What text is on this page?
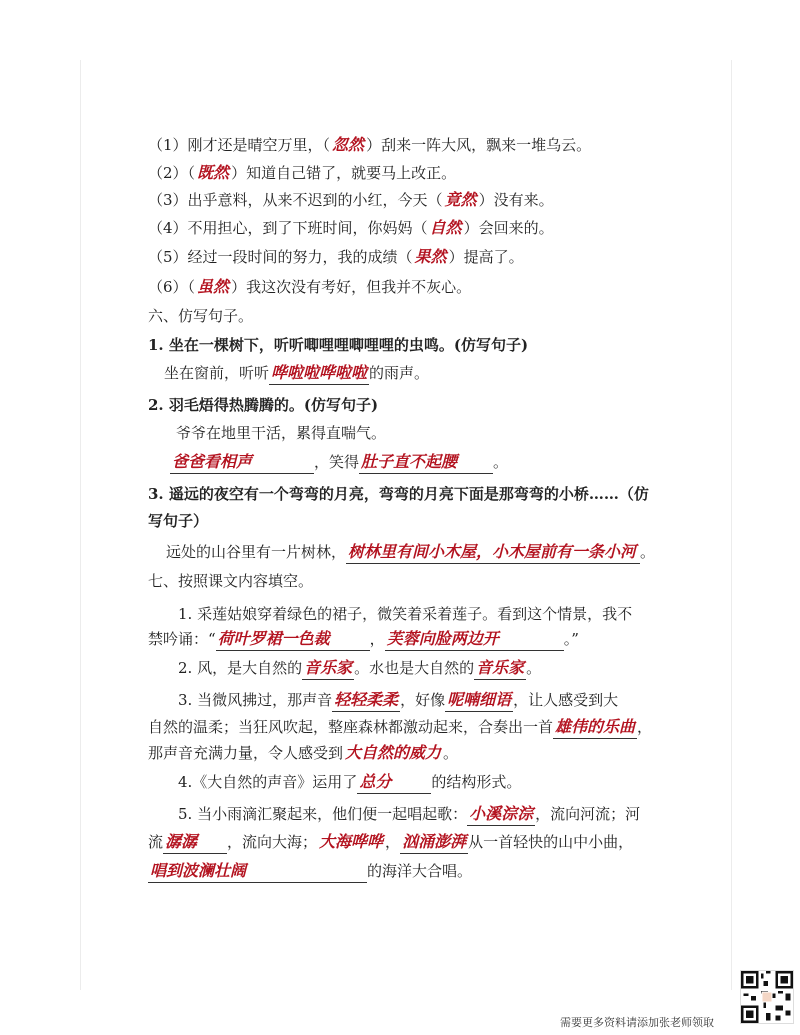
（1）刚才还是晴空万里，（ 忽然 ）刮来一阵大风，飘来一堆乌云。
（2）（ 既然 ）知道自己错了，就要马上改正。
（3）出乎意料，从来不迟到的小红，今天（ 竟然 ）没有来。
（4）不用担心，到了下班时间，你妈妈（ 自然 ）会回来的。
（5）经过一段时间的努力，我的成绩（ 果然 ）提高了。
（6）（ 虽然 ）我这次没有考好，但我并不灰心。
六、仿写句子。
1. 坐在一棵树下，听听唧哩哩唧哩哩的虫鸣。(仿写句子)
坐在窗前，听听 哗啦啦哗啦啦 的雨声。
2. 羽毛焐得热腾腾的。(仿写句子)
爷爷在地里干活，累得直喘气。
爸爸看相声	，笑得 肚子直不起腰 。
3. 遥远的夜空有一个弯弯的月亮，弯弯的月亮下面是那弯弯的小桥……（仿
写句子）
远处的山谷里有一片树林， 树林里有间小木屋，小木屋前有一条小河 。
七、按照课文内容填空。
1. 采莲姑娘穿着绿色的裙子，微笑着采着莲子。看到这个情景，我不
禁吟诵：“ 荷叶罗裙一色裁	， 芙蓉向脸两边开	。”
2. 风，是大自然的 音乐家 。水也是大自然的 音乐家 。
3. 当微风拂过，那声音 轻轻柔柔 ，好像 呢喃细语 ，让人感受到大
自然的温柔；当狂风吹起，整座森林都激动起来，合奏出一首 雄伟的乐曲 ，
那声音充满力量，令人感受到 大自然的威力 。
4.《大自然的声音》运用了 总分	的结构形式。
5. 当小雨滴汇聚起来，他们便一起唱起歌： 小溪淙淙 ，流向河流；河
流 潺潺 ，流向大海； 大海哗哗 ， 汹涌澎湃 从一首轻快的山中小曲，
唱到波澜壮阔	的海洋大合唱。
需要更多资料请添加张老师领取
